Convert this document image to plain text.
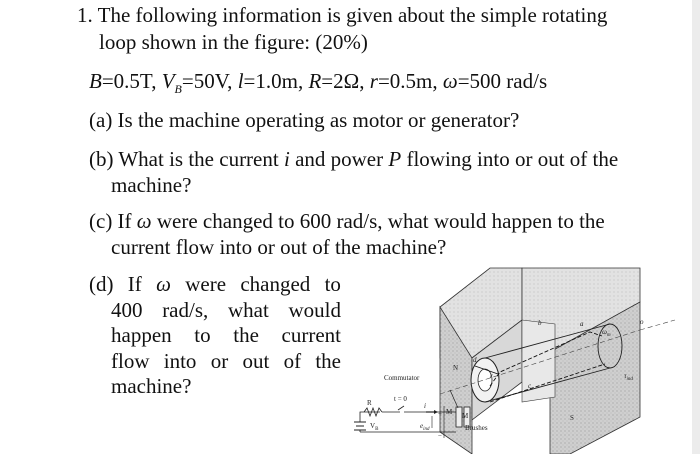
1. The following information is given about the simple rotating
loop shown in the figure: (20%)
B=0.5T, $V_B=50V$, l=1.0m, R=2Ω, r=0.5m, ω=500 rad/s
(a) Is the machine operating as motor or generator?
(b) What is the current i and power P flowing into or out of the
machine?
(c) If ω were changed to 600 rad/s, what would happen to the
current flow into or out of the machine?
(d) If ω were changed to
400 rad/s, what would
happen to the current
flow into or out of the
machine?	Commutator
Brushes
N
S
R
$V_B$
t = 0
i
$e_{ind}$
+
−
M M
r
d
a
b
c
$\omega_m$
$\tau_{ind}$
o
